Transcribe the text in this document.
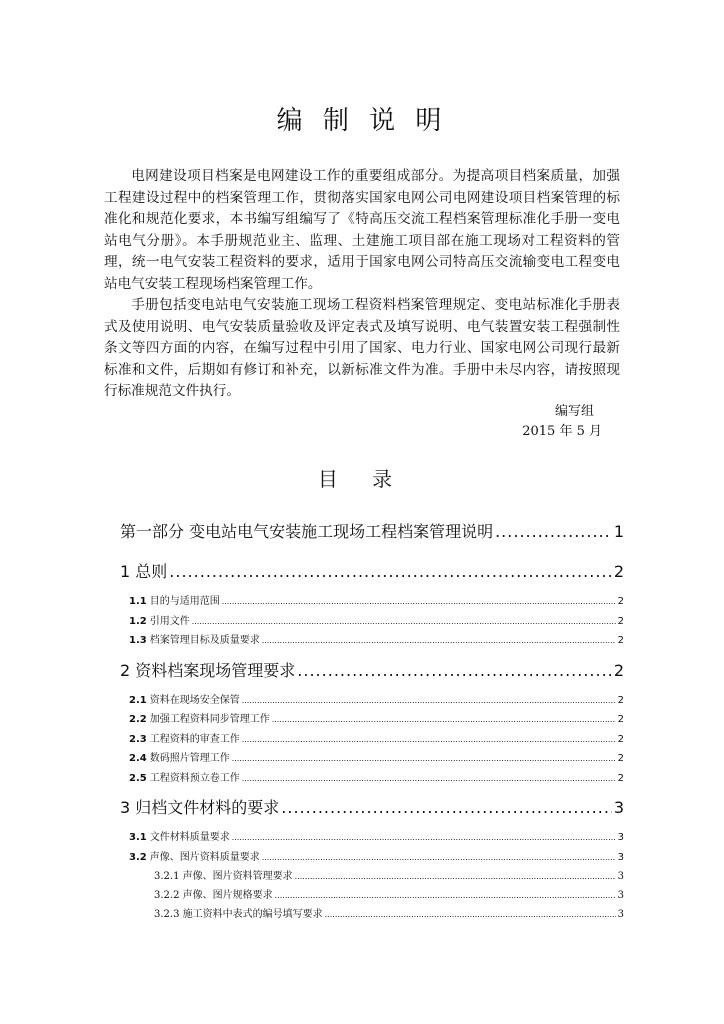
编 制 说 明

电网建设项目档案是电网建设工作的重要组成部分。为提高项目档案质量，加强工程建设过程中的档案管理工作，贯彻落实国家电网公司电网建设项目档案管理的标准化和规范化要求，本书编写组编写了《特高压交流工程档案管理标准化手册一变电站电气分册》。本手册规范业主、监理、土建施工项目部在施工现场对工程资料的管理，统一电气安装工程资料的要求，适用于国家电网公司特高压交流输变电工程变电站电气安装工程现场档案管理工作。

手册包括变电站电气安装施工现场工程资料档案管理规定、变电站标准化手册表式及使用说明、电气安装质量验收及评定表式及填写说明、电气装置安装工程强制性条文等四方面的内容，在编写过程中引用了国家、电力行业、国家电网公司现行最新标准和文件，后期如有修订和补充，以新标准文件为准。手册中未尽内容，请按照现行标准规范文件执行。

编写组
2015 年 5 月
目 录
第一部分 变电站电气安装施工现场工程档案管理说明 .....	1
1 总则 .....	2
1.1 目的与适用范围 .....	2
1.2 引用文件 .....	2
1.3 档案管理目标及质量要求 .....	2
2 资料档案现场管理要求 .....	2
2.1 资料在现场安全保管 .....	2
2.2 加强工程资料同步管理工作 .....	2
2.3 工程资料的审查工作 .....	2
2.4 数码照片管理工作 .....	2
2.5 工程资料预立卷工作 .....	2
3 归档文件材料的要求 .....	3
3.1 文件材料质量要求 .....	3
3.2 声像、图片资料质量要求 .....	3
3.2.1 声像、图片资料管理要求 .....	3
3.2.2 声像、图片规格要求 .....	3
3.2.3 施工资料中表式的编号填写要求 .....	3
